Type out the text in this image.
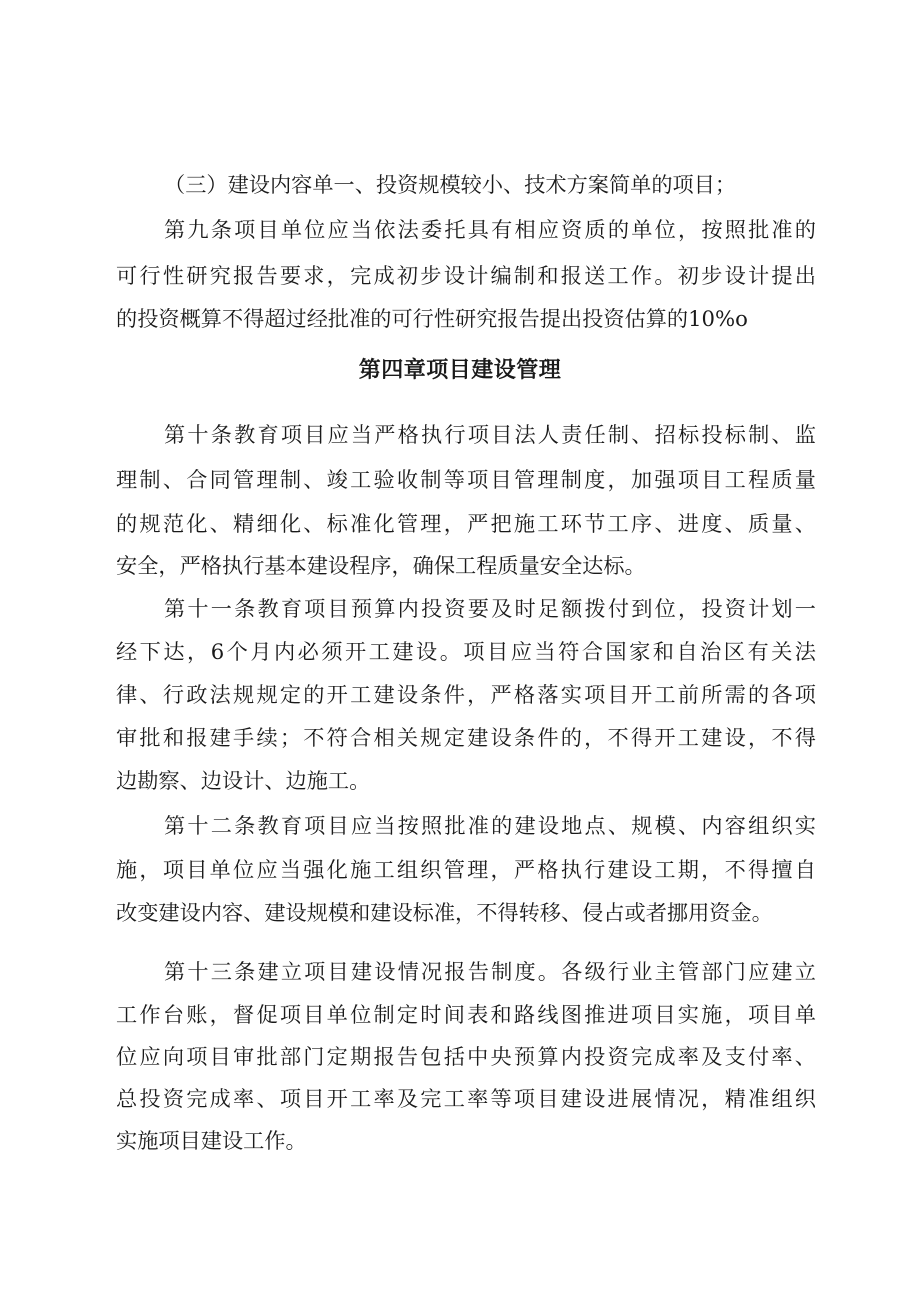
（三）建设内容单一、投资规模较小、技术方案简单的项目；
第九条项目单位应当依法委托具有相应资质的单位，按照批准的
可行性研究报告要求，完成初步设计编制和报送工作。初步设计提出
的投资概算不得超过经批准的可行性研究报告提出投资估算的10%o
第四章项目建设管理
第十条教育项目应当严格执行项目法人责任制、招标投标制、监
理制、合同管理制、竣工验收制等项目管理制度，加强项目工程质量
的规范化、精细化、标准化管理，严把施工环节工序、进度、质量、
安全，严格执行基本建设程序，确保工程质量安全达标。
第十一条教育项目预算内投资要及时足额拨付到位，投资计划一
经下达，6个月内必须开工建设。项目应当符合国家和自治区有关法
律、行政法规规定的开工建设条件，严格落实项目开工前所需的各项
审批和报建手续；不符合相关规定建设条件的，不得开工建设，不得
边勘察、边设计、边施工。
第十二条教育项目应当按照批准的建设地点、规模、内容组织实
施，项目单位应当强化施工组织管理，严格执行建设工期，不得擅自
改变建设内容、建设规模和建设标准，不得转移、侵占或者挪用资金。
第十三条建立项目建设情况报告制度。各级行业主管部门应建立
工作台账，督促项目单位制定时间表和路线图推进项目实施，项目单
位应向项目审批部门定期报告包括中央预算内投资完成率及支付率、
总投资完成率、项目开工率及完工率等项目建设进展情况，精准组织
实施项目建设工作。
